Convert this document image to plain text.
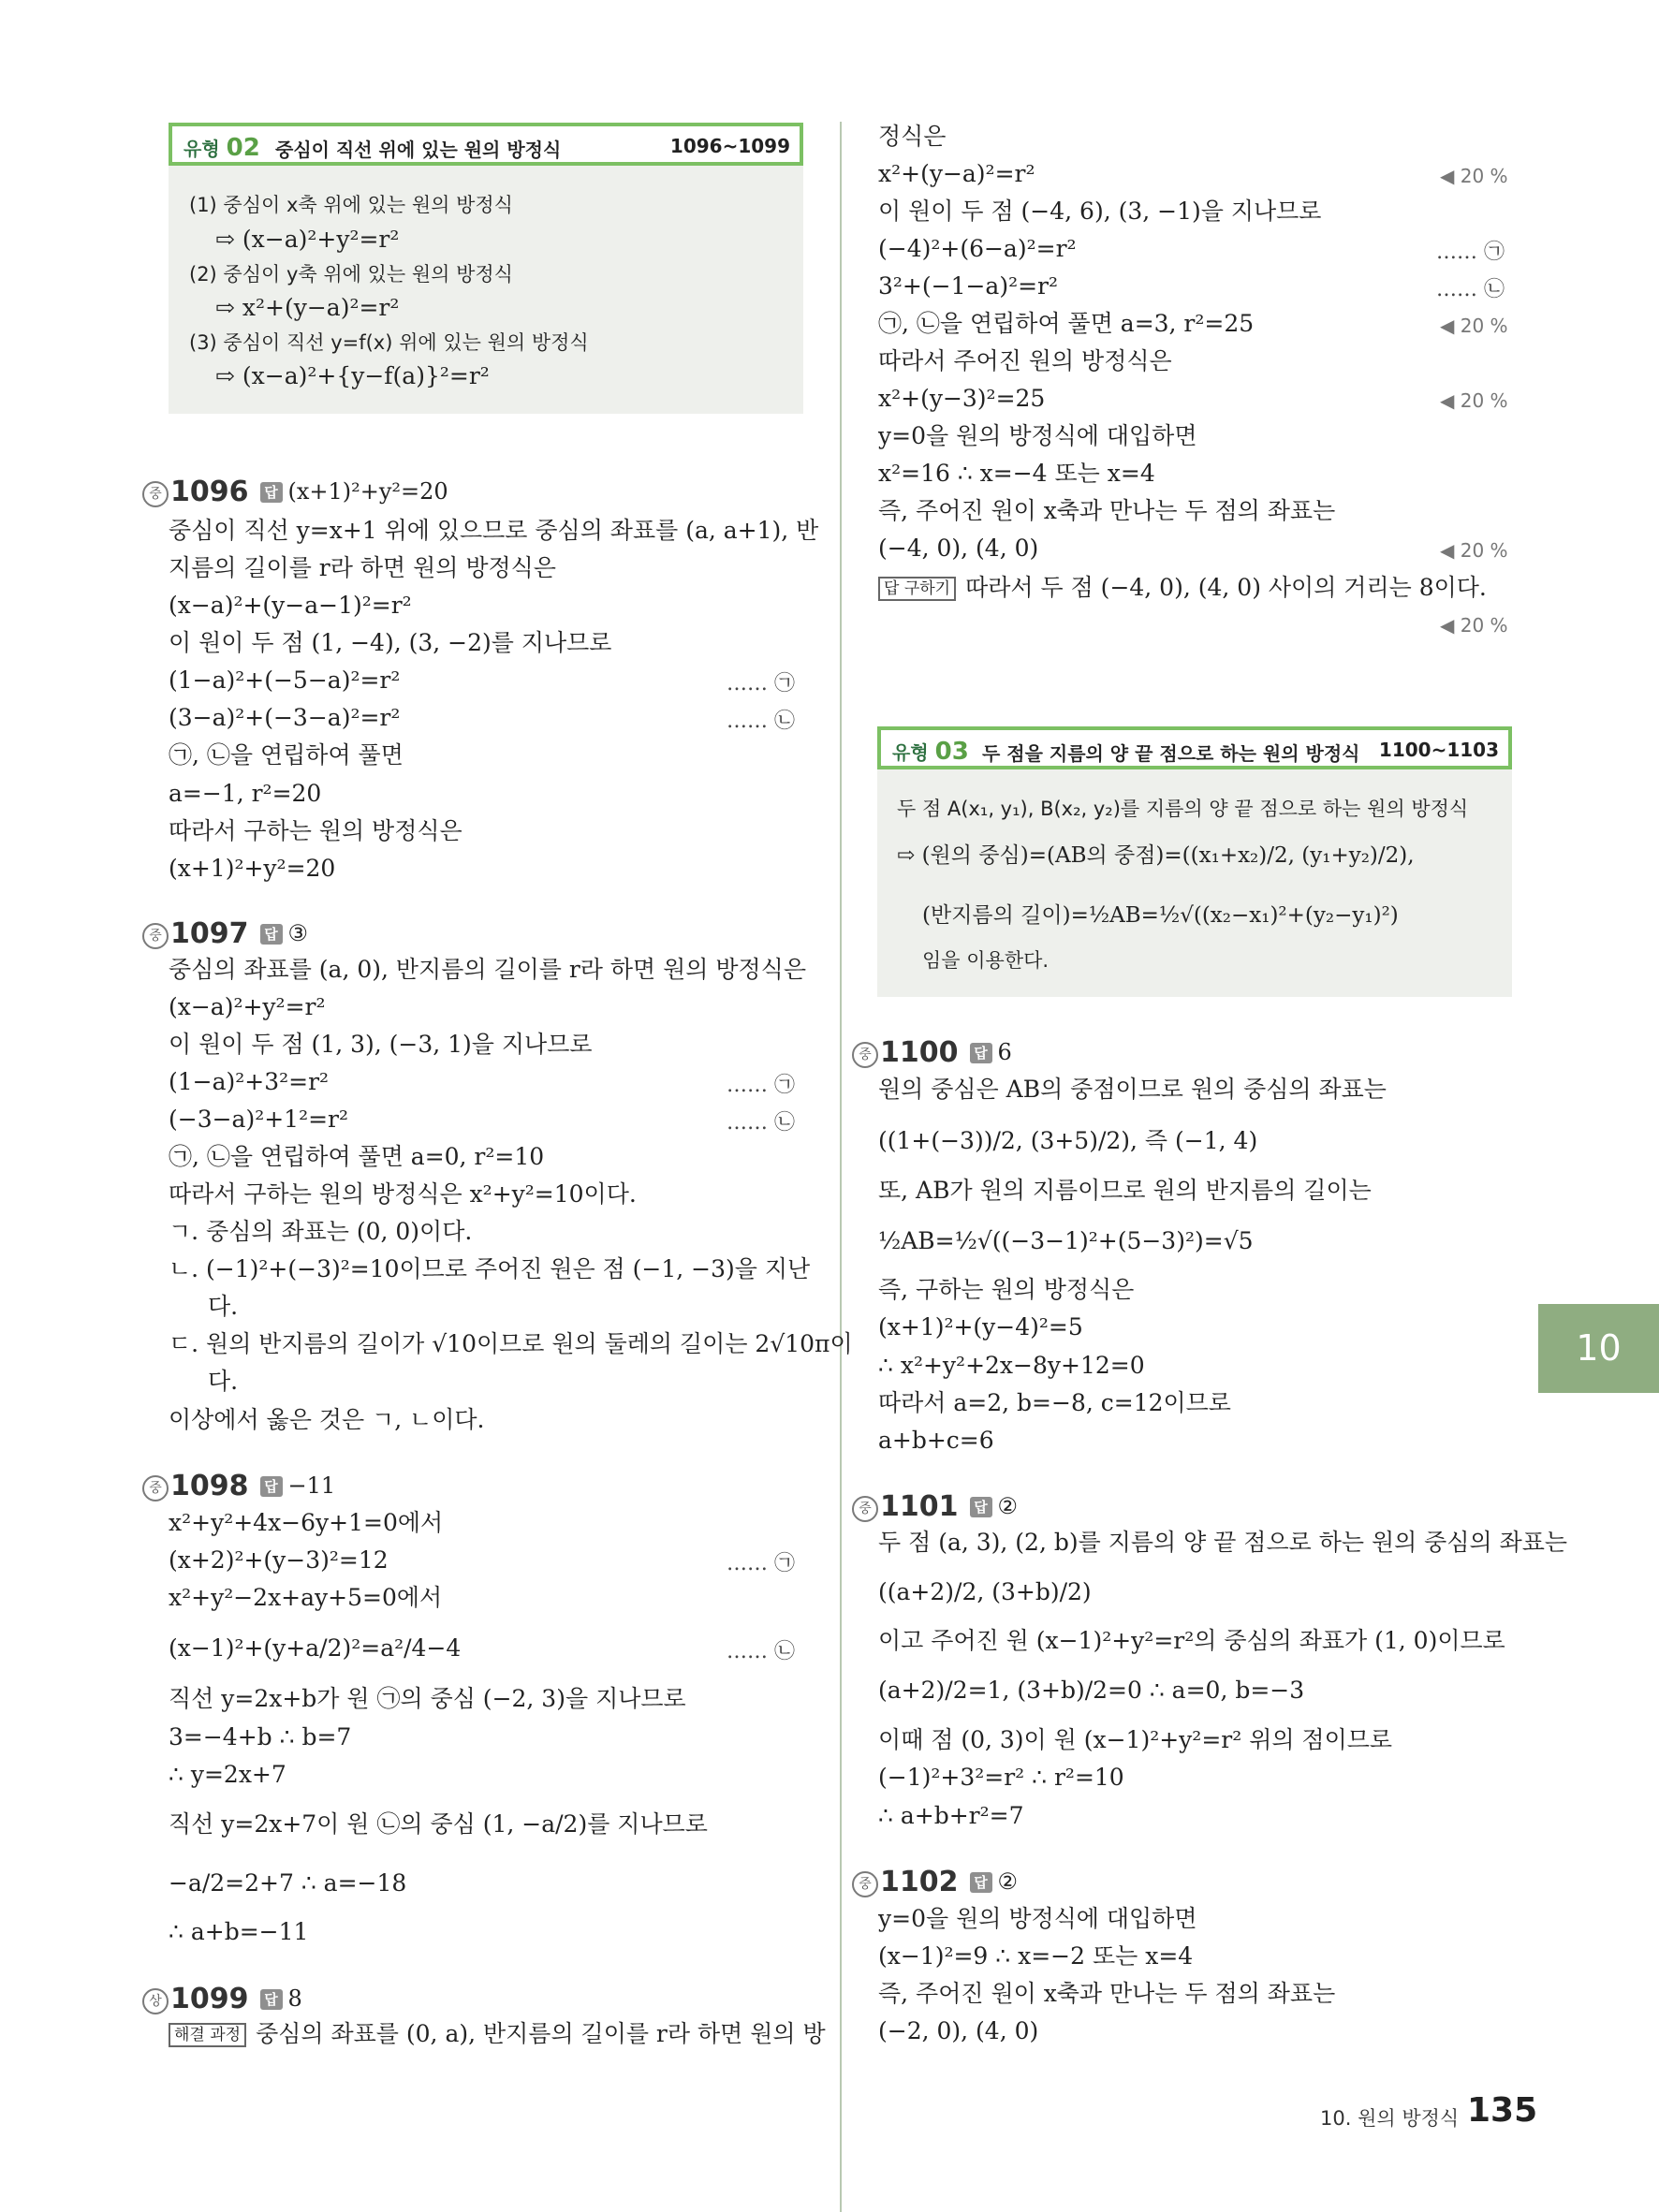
유형 02 중심이 직선 위에 있는 원의 방정식	1096~1099
(1) 중심이 x축 위에 있는 원의 방정식
⇨ (x−a)²+y²=r²
(2) 중심이 y축 위에 있는 원의 방정식
⇨ x²+(y−a)²=r²
(3) 중심이 직선 y=f(x) 위에 있는 원의 방정식
⇨ (x−a)²+{y−f(a)}²=r²
중 1096 답 (x+1)²+y²=20
중심이 직선 y=x+1 위에 있으므로 중심의 좌표를 (a, a+1), 반
지름의 길이를 r라 하면 원의 방정식은
(x−a)²+(y−a−1)²=r²
이 원이 두 점 (1, −4), (3, −2)를 지나므로
(1−a)²+(−5−a)²=r²	…… ㉠
(3−a)²+(−3−a)²=r²	…… ㉡
㉠, ㉡을 연립하여 풀면
a=−1, r²=20
따라서 구하는 원의 방정식은
(x+1)²+y²=20
중 1097 답 ③
중심의 좌표를 (a, 0), 반지름의 길이를 r라 하면 원의 방정식은
(x−a)²+y²=r²
이 원이 두 점 (1, 3), (−3, 1)을 지나므로
(1−a)²+3²=r²	…… ㉠
(−3−a)²+1²=r²	…… ㉡
㉠, ㉡을 연립하여 풀면 a=0, r²=10
따라서 구하는 원의 방정식은 x²+y²=10이다.
ㄱ. 중심의 좌표는 (0, 0)이다.
ㄴ. (−1)²+(−3)²=10이므로 주어진 원은 점 (−1, −3)을 지난
다.
ㄷ. 원의 반지름의 길이가 √10이므로 원의 둘레의 길이는 2√10π이
다.
이상에서 옳은 것은 ㄱ, ㄴ이다.
중 1098 답 −11
x²+y²+4x−6y+1=0에서
(x+2)²+(y−3)²=12	…… ㉠
x²+y²−2x+ay+5=0에서
(x−1)²+(y+a/2)²=a²/4−4	…… ㉡
직선 y=2x+b가 원 ㉠의 중심 (−2, 3)을 지나므로
3=−4+b ∴ b=7
∴ y=2x+7
직선 y=2x+7이 원 ㉡의 중심 (1, −a/2)를 지나므로
−a/2=2+7 ∴ a=−18
∴ a+b=−11
상 1099 답 8
해결 과정 중심의 좌표를 (0, a), 반지름의 길이를 r라 하면 원의 방
정식은
x²+(y−a)²=r²	◀ 20 %
이 원이 두 점 (−4, 6), (3, −1)을 지나므로
(−4)²+(6−a)²=r²	…… ㉠
3²+(−1−a)²=r²	…… ㉡
㉠, ㉡을 연립하여 풀면 a=3, r²=25	◀ 20 %
따라서 주어진 원의 방정식은
x²+(y−3)²=25	◀ 20 %
y=0을 원의 방정식에 대입하면
x²=16 ∴ x=−4 또는 x=4
즉, 주어진 원이 x축과 만나는 두 점의 좌표는
(−4, 0), (4, 0)	◀ 20 %
답 구하기 따라서 두 점 (−4, 0), (4, 0) 사이의 거리는 8이다.
◀ 20 %
유형 03 두 점을 지름의 양 끝 점으로 하는 원의 방정식 1100~1103
두 점 A(x₁, y₁), B(x₂, y₂)를 지름의 양 끝 점으로 하는 원의 방정식
⇨ (원의 중심)=(AB의 중점)=((x₁+x₂)/2, (y₁+y₂)/2),
(반지름의 길이)=½AB=½√((x₂−x₁)²+(y₂−y₁)²)
임을 이용한다.
중 1100 답 6
원의 중심은 AB의 중점이므로 원의 중심의 좌표는
((1+(−3))/2, (3+5)/2), 즉 (−1, 4)
또, AB가 원의 지름이므로 원의 반지름의 길이는
½AB=½√((−3−1)²+(5−3)²)=√5
즉, 구하는 원의 방정식은
(x+1)²+(y−4)²=5
∴ x²+y²+2x−8y+12=0
따라서 a=2, b=−8, c=12이므로
a+b+c=6
중 1101 답 ②
두 점 (a, 3), (2, b)를 지름의 양 끝 점으로 하는 원의 중심의 좌표는
((a+2)/2, (3+b)/2)
이고 주어진 원 (x−1)²+y²=r²의 중심의 좌표가 (1, 0)이므로
(a+2)/2=1, (3+b)/2=0 ∴ a=0, b=−3
이때 점 (0, 3)이 원 (x−1)²+y²=r² 위의 점이므로
(−1)²+3²=r² ∴ r²=10
∴ a+b+r²=7
중 1102 답 ②
y=0을 원의 방정식에 대입하면
(x−1)²=9 ∴ x=−2 또는 x=4
즉, 주어진 원이 x축과 만나는 두 점의 좌표는
(−2, 0), (4, 0)
10
10. 원의 방정식 135
